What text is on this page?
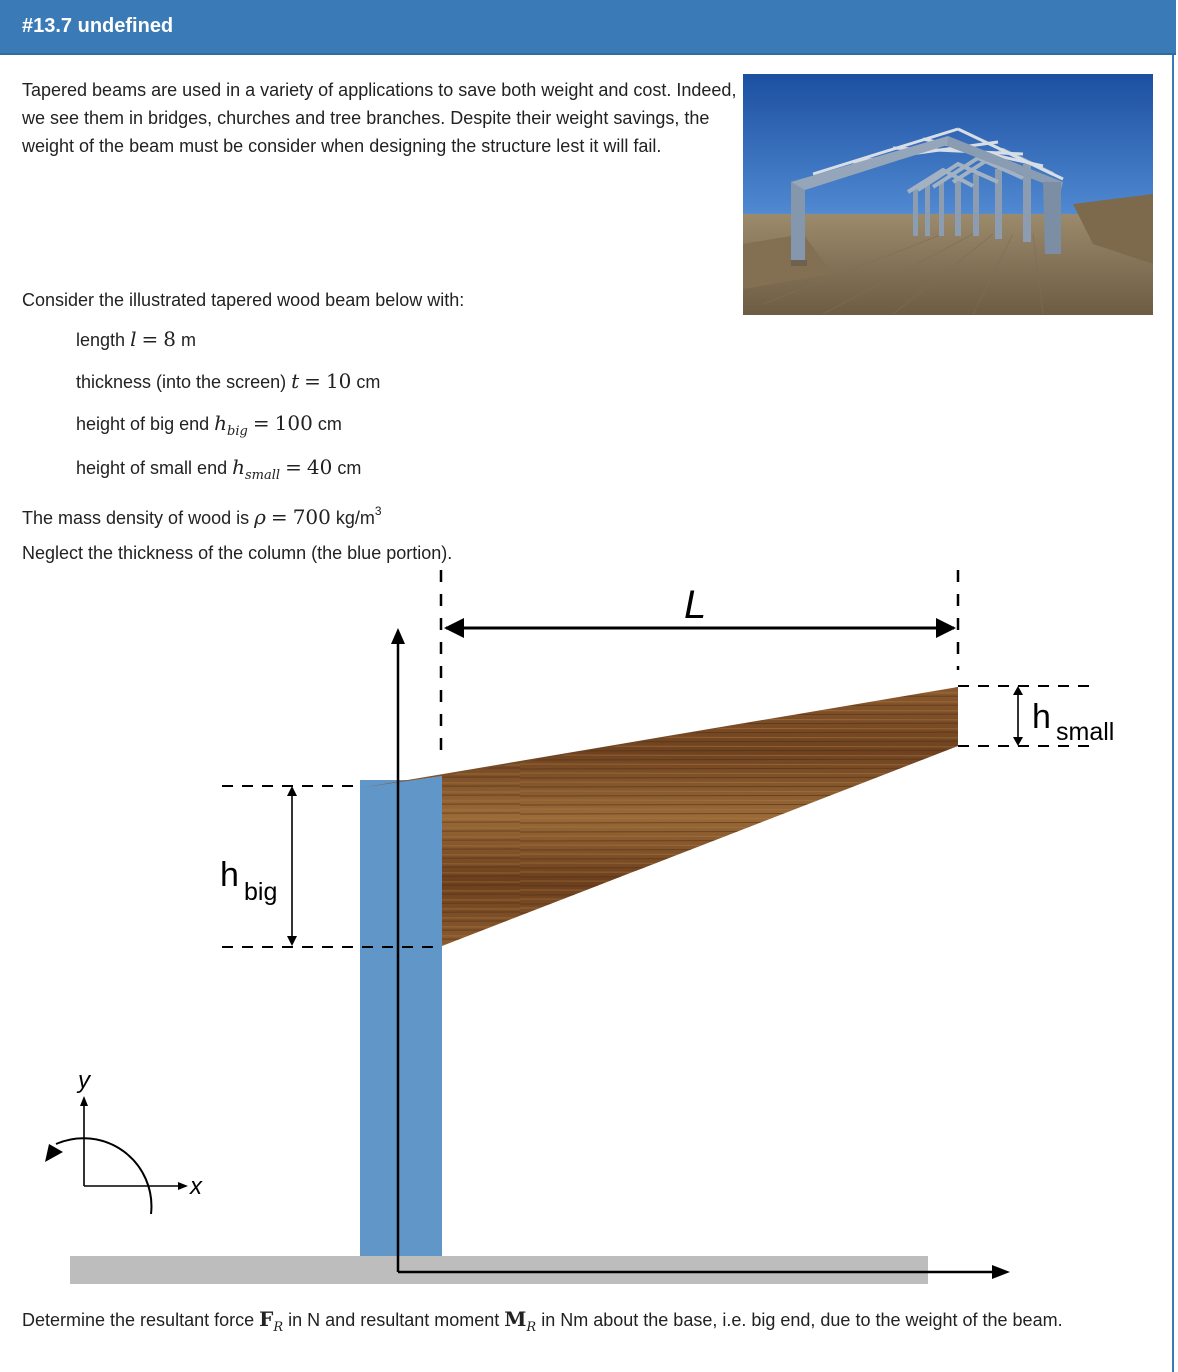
#13.7 undefined
Tapered beams are used in a variety of applications to save both weight and cost. Indeed, we see them in bridges, churches and tree branches. Despite their weight savings, the weight of the beam must be consider when designing the structure lest it will fail.
Consider the illustrated tapered wood beam below with:
length l = 8 m
thickness (into the screen) t = 10 cm
height of big end $h_{big} = 100$ cm
height of small end $h_{small} = 40$ cm
The mass density of wood is ρ = 700 $kg/m^3$
Neglect the thickness of the column (the blue portion).
L
h big
h small
y
x
Determine the resultant force $F_R$ in N and resultant moment $M_R$ in Nm about the base, i.e. big end, due to the weight of the beam.
